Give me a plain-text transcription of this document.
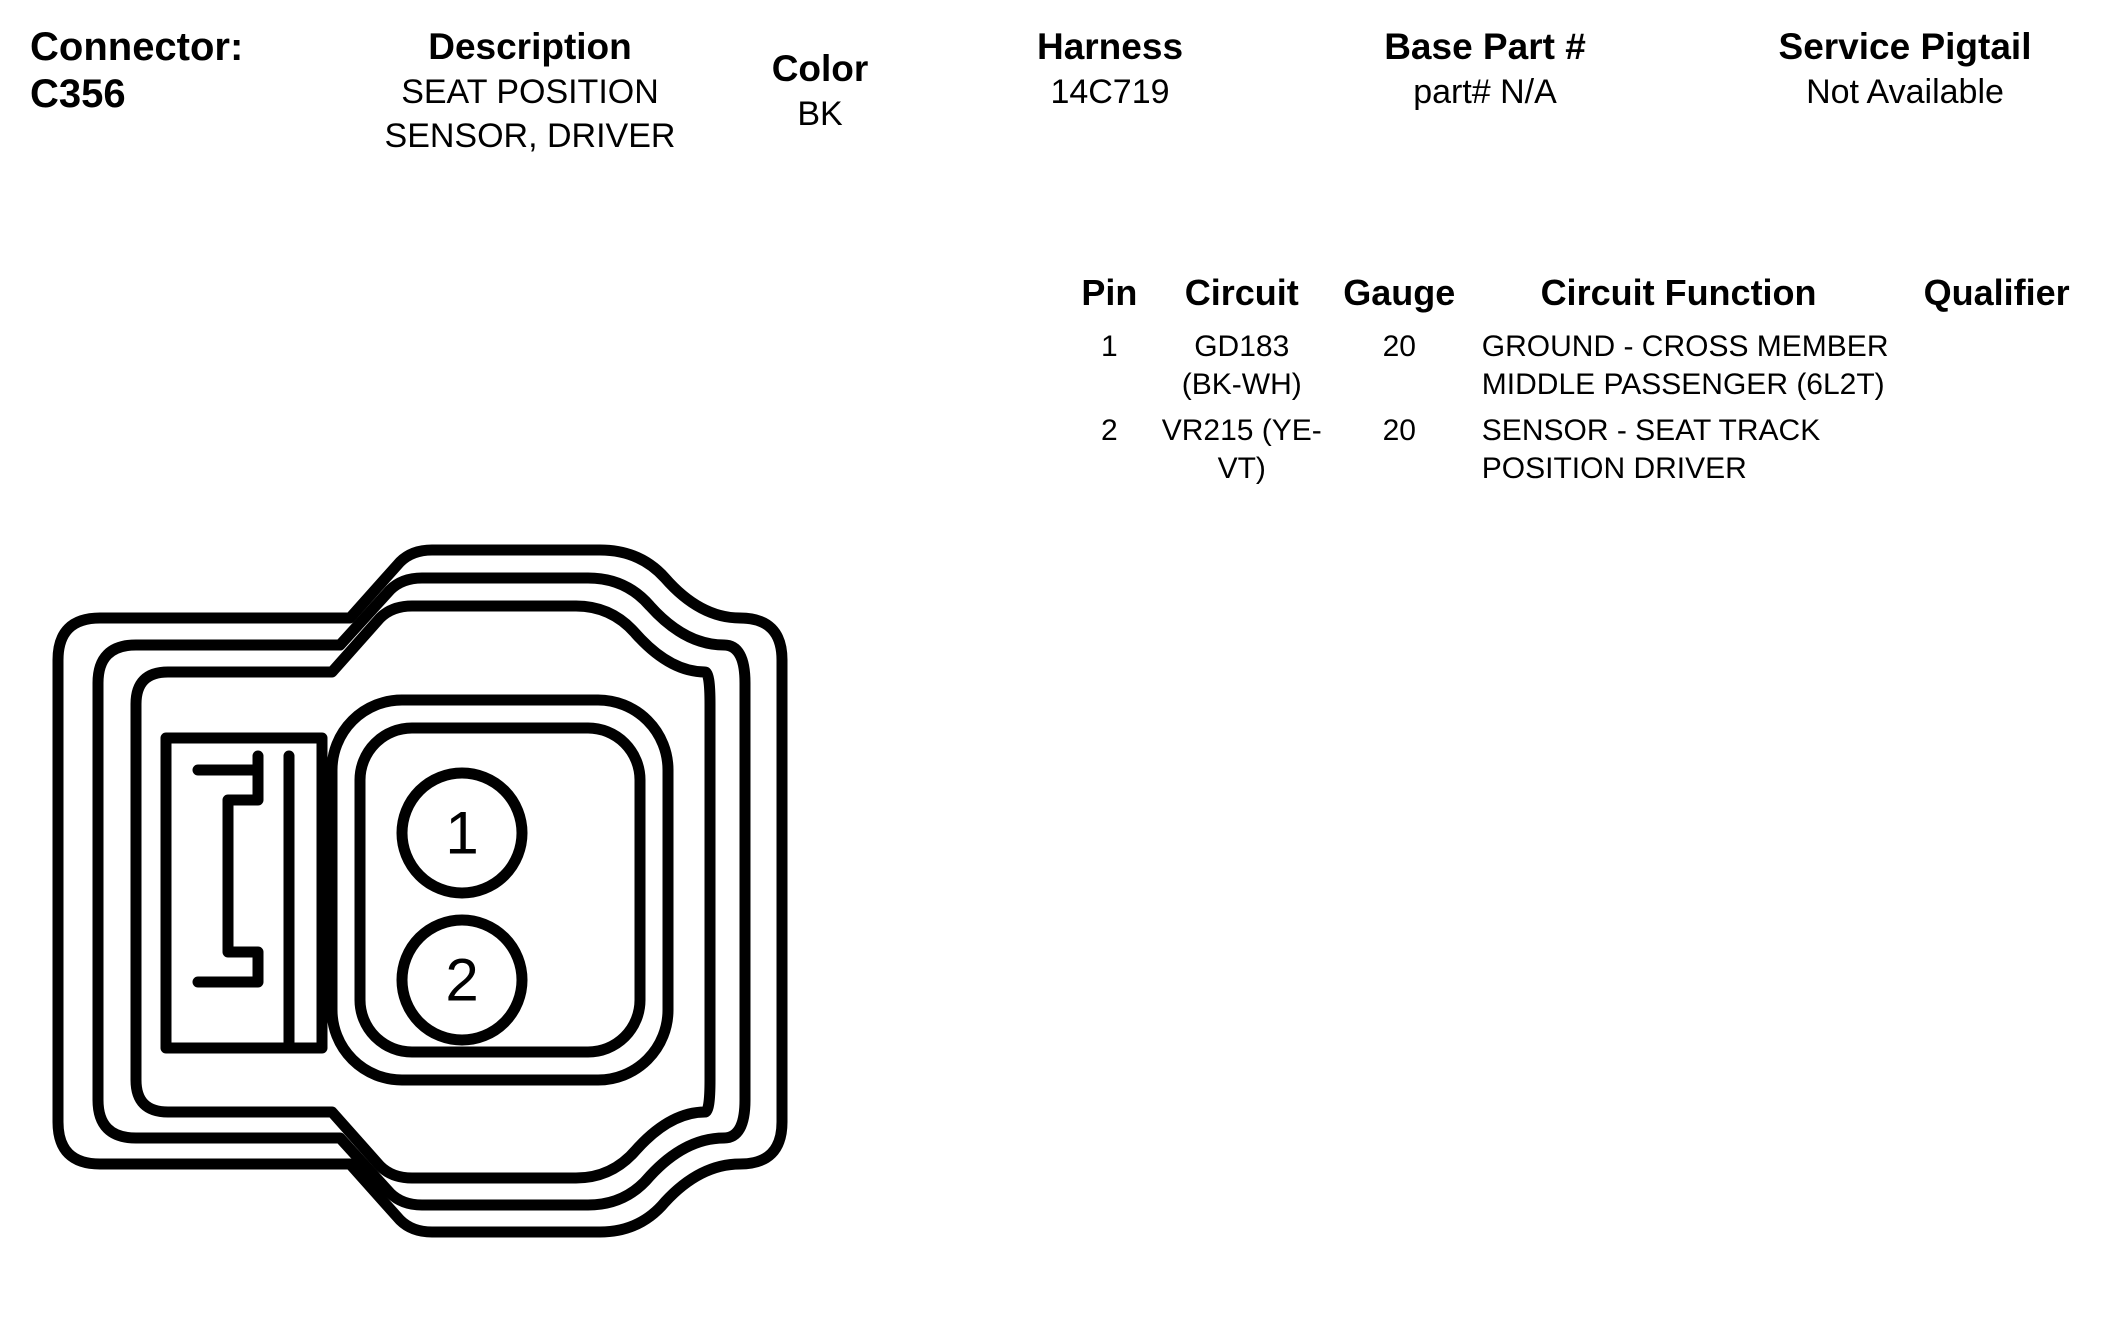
Connector:
C356
Description
SEAT POSITION
SENSOR, DRIVER
Color
BK
Harness
14C719
Base Part #
part# N/A
Service Pigtail
Not Available
1
2
Pin	Circuit	Gauge	Circuit Function	Qualifier
1	GD183
(BK-WH)
	20	GROUND - CROSS MEMBER
MIDDLE PASSENGER (6L2T)

2	VR215 (YE-
VT)
	20	SENSOR - SEAT TRACK
POSITION DRIVER
